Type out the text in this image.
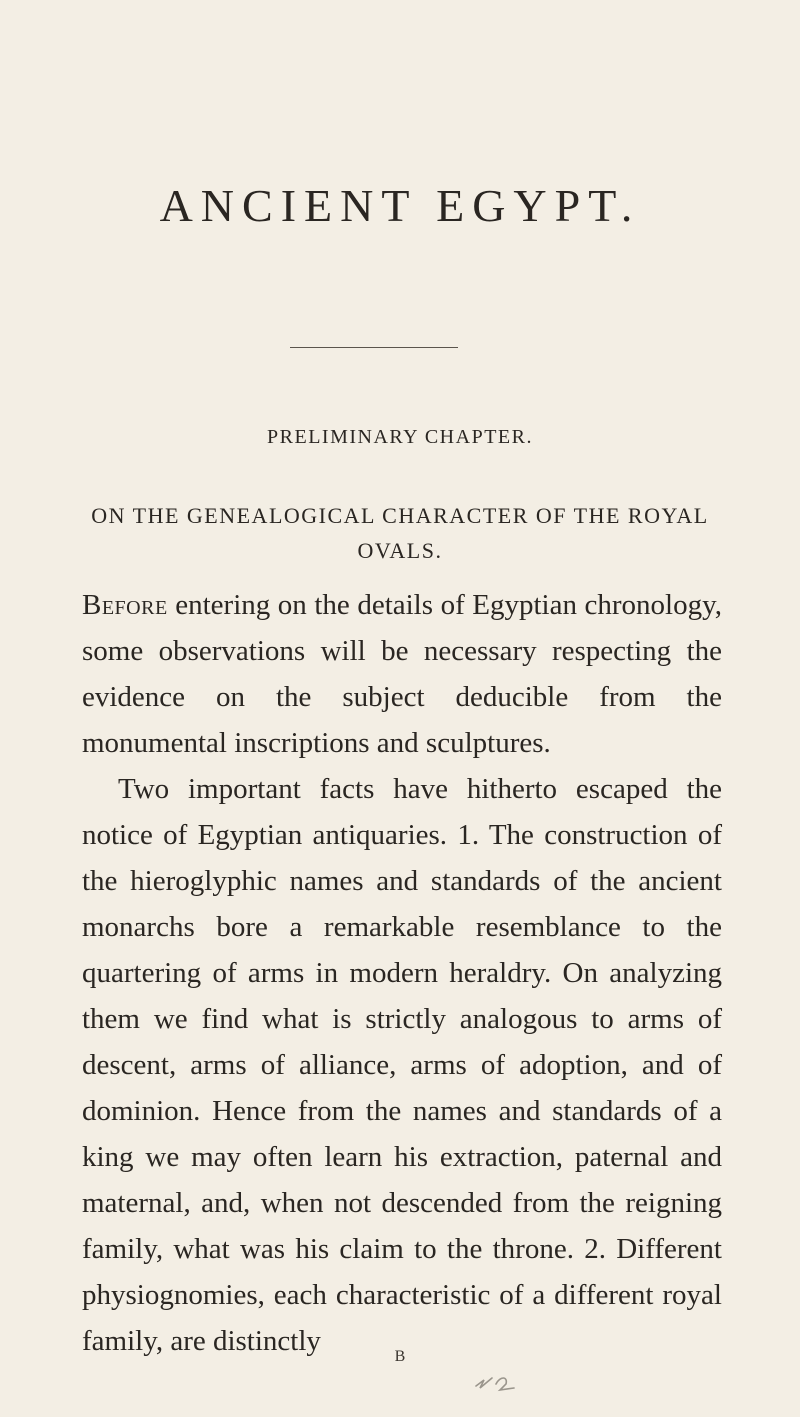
ANCIENT EGYPT.
PRELIMINARY CHAPTER.
ON THE GENEALOGICAL CHARACTER OF THE ROYAL OVALS.

Before entering on the details of Egyptian chronology, some observations will be necessary respecting the evidence on the subject deducible from the monumental inscriptions and sculptures.

Two important facts have hitherto escaped the notice of Egyptian antiquaries. 1. The construction of the hieroglyphic names and standards of the ancient monarchs bore a remarkable resemblance to the quartering of arms in modern heraldry. On analyzing them we find what is strictly analogous to arms of descent, arms of alliance, arms of adoption, and of dominion. Hence from the names and standards of a king we may often learn his extraction, paternal and maternal, and, when not descended from the reigning family, what was his claim to the throne. 2. Different physiognomies, each characteristic of a different royal family, are distinctly	B
